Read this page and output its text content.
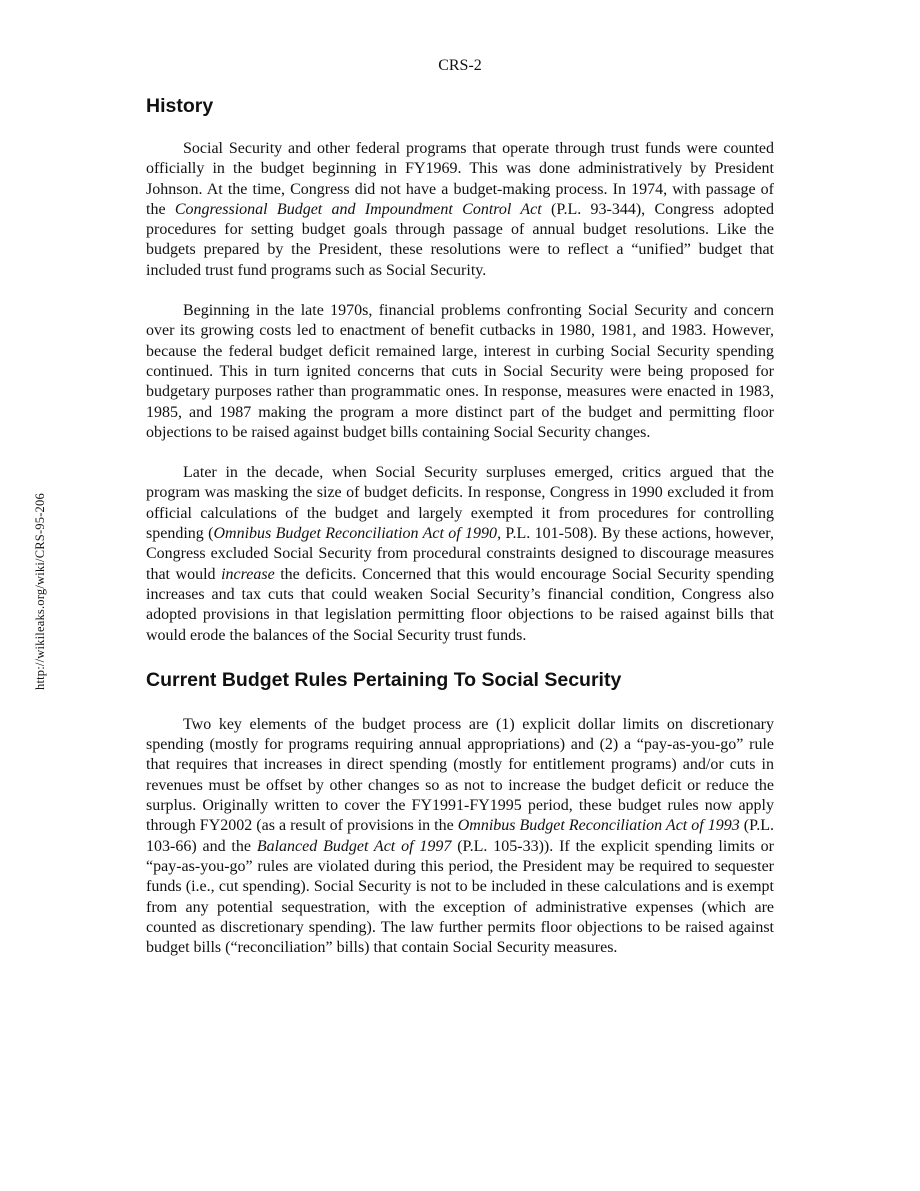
CRS-2
http://wikileaks.org/wiki/CRS-95-206
History

Social Security and other federal programs that operate through trust funds were counted officially in the budget beginning in FY1969. This was done administratively by President Johnson. At the time, Congress did not have a budget-making process. In 1974, with passage of the Congressional Budget and Impoundment Control Act (P.L. 93-344), Congress adopted procedures for setting budget goals through passage of annual budget resolutions. Like the budgets prepared by the President, these resolutions were to reflect a “unified” budget that included trust fund programs such as Social Security.

Beginning in the late 1970s, financial problems confronting Social Security and concern over its growing costs led to enactment of benefit cutbacks in 1980, 1981, and 1983. However, because the federal budget deficit remained large, interest in curbing Social Security spending continued. This in turn ignited concerns that cuts in Social Security were being proposed for budgetary purposes rather than programmatic ones. In response, measures were enacted in 1983, 1985, and 1987 making the program a more distinct part of the budget and permitting floor objections to be raised against budget bills containing Social Security changes.

Later in the decade, when Social Security surpluses emerged, critics argued that the program was masking the size of budget deficits. In response, Congress in 1990 excluded it from official calculations of the budget and largely exempted it from procedures for controlling spending (Omnibus Budget Reconciliation Act of 1990, P.L. 101-508). By these actions, however, Congress excluded Social Security from procedural constraints designed to discourage measures that would increase the deficits. Concerned that this would encourage Social Security spending increases and tax cuts that could weaken Social Security’s financial condition, Congress also adopted provisions in that legislation permitting floor objections to be raised against bills that would erode the balances of the Social Security trust funds.

Current Budget Rules Pertaining To Social Security

Two key elements of the budget process are (1) explicit dollar limits on discretionary spending (mostly for programs requiring annual appropriations) and (2) a “pay-as-you-go” rule that requires that increases in direct spending (mostly for entitlement programs) and/or cuts in revenues must be offset by other changes so as not to increase the budget deficit or reduce the surplus. Originally written to cover the FY1991-FY1995 period, these budget rules now apply through FY2002 (as a result of provisions in the Omnibus Budget Reconciliation Act of 1993 (P.L. 103-66) and the Balanced Budget Act of 1997 (P.L. 105-33)). If the explicit spending limits or “pay-as-you-go” rules are violated during this period, the President may be required to sequester funds (i.e., cut spending). Social Security is not to be included in these calculations and is exempt from any potential sequestration, with the exception of administrative expenses (which are counted as discretionary spending). The law further permits floor objections to be raised against budget bills (“reconciliation” bills) that contain Social Security measures.
